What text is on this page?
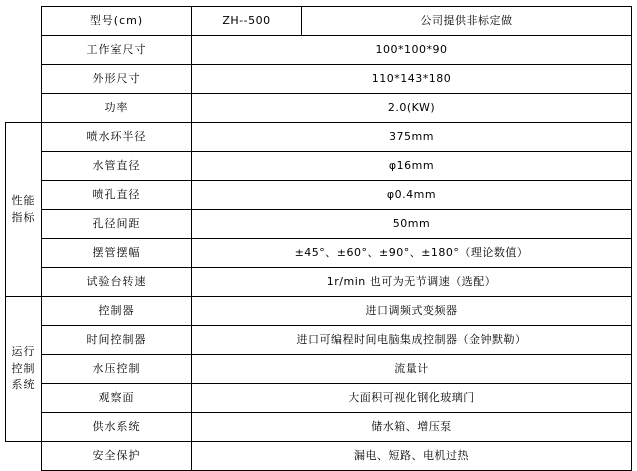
	型号(cm)	ZH--500	公司提供非标定做
	工作室尺寸	100*100*90	
	外形尺寸	110*143*180	
	功率	2.0(KW)	

性能
指标	喷水环半径	375mm	
	水管直径	φ16mm	
	喷孔直径	φ0.4mm	
	孔径间距	50mm	
	摆管摆幅	±45°、±60°、±90°、±180°（理论数值）	
	试验台转速	1r/min 也可为无节调速（选配）	

运行
控制
系统	控制器	进口调频式变频器	
	时间控制器	进口可编程时间电脑集成控制器（金钟默勒）	
	水压控制	流量计	
	观察面	大面积可视化钢化玻璃门	
	供水系统	储水箱、增压泵	
	安全保护	漏电、短路、电机过热	
